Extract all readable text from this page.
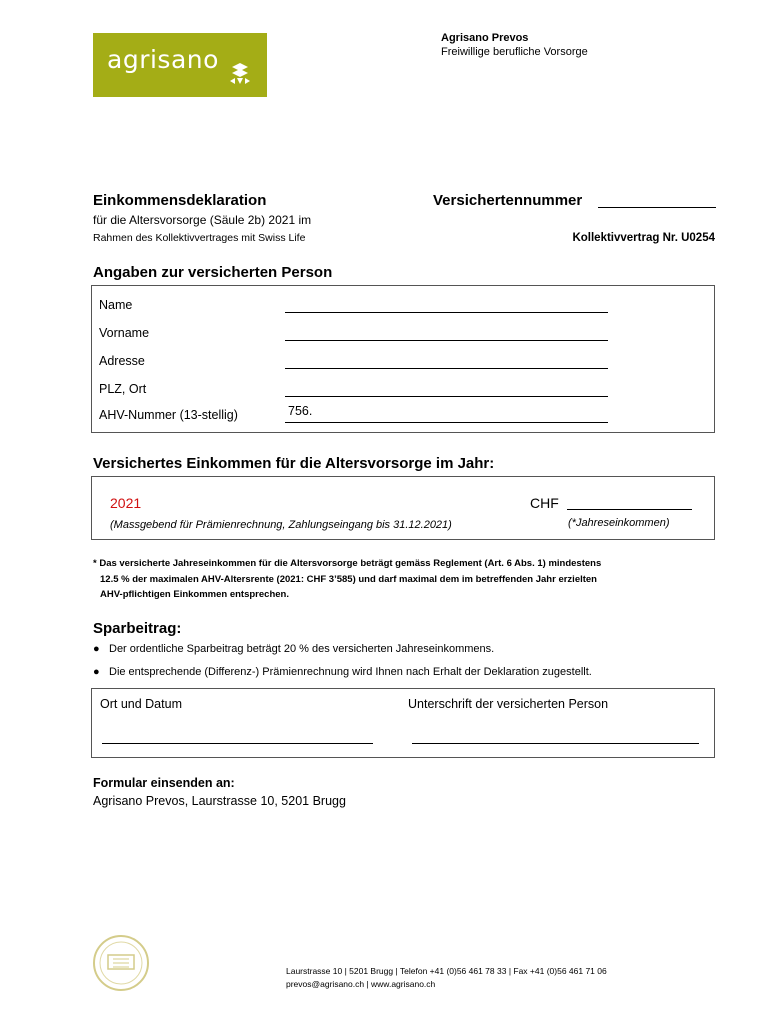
agrisano
Agrisano Prevos
Freiwillige berufliche Vorsorge
Einkommensdeklaration
für die Altersvorsorge (Säule 2b) 2021 im
Rahmen des Kollektivvertrages mit Swiss Life
Versichertennummer
Kollektivvertrag Nr. U0254
Angaben zur versicherten Person
Name
Vorname
Adresse
PLZ, Ort
AHV-Nummer (13-stellig)	756.
Versichertes Einkommen für die Altersvorsorge im Jahr:
2021	CHF
(Massgebend für Prämienrechnung, Zahlungseingang bis 31.12.2021)	(*Jahreseinkommen)
* Das versicherte Jahreseinkommen für die Altersvorsorge beträgt gemäss Reglement (Art. 6 Abs. 1) mindestens
12.5 % der maximalen AHV-Altersrente (2021: CHF 3’585) und darf maximal dem im betreffenden Jahr erzielten
AHV-pflichtigen Einkommen entsprechen.
Sparbeitrag:
● Der ordentliche Sparbeitrag beträgt 20 % des versicherten Jahreseinkommens.
● Die entsprechende (Differenz-) Prämienrechnung wird Ihnen nach Erhalt der Deklaration zugestellt.
Ort und Datum	Unterschrift der versicherten Person
Formular einsenden an:
Agrisano Prevos, Laurstrasse 10, 5201 Brugg
Laurstrasse 10 | 5201 Brugg | Telefon +41 (0)56 461 78 33 | Fax +41 (0)56 461 71 06
prevos@agrisano.ch | www.agrisano.ch
